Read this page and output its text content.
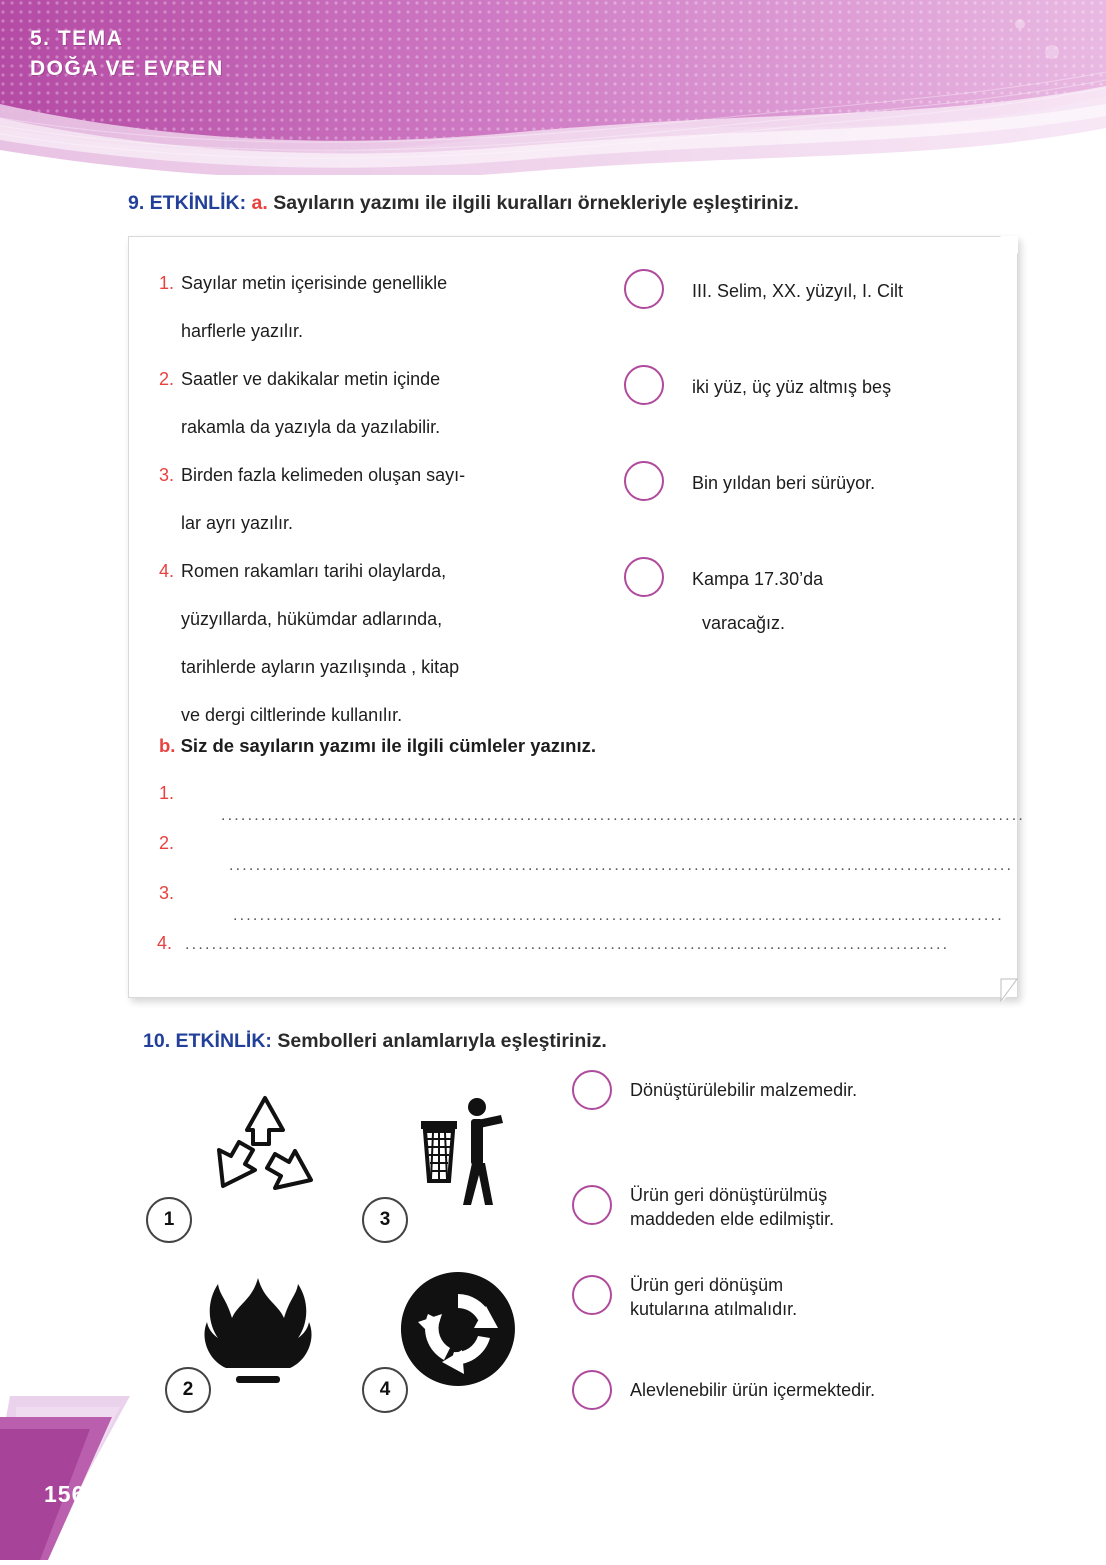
5. TEMA
DOĞA VE EVREN
9. ETKİNLİK: a. Sayıların yazımı ile ilgili kuralları örnekleriyle eşleştiriniz.
1. Sayılar metin içerisinde genellikle
harflerle yazılır.
2. Saatler ve dakikalar metin içinde
rakamla da yazıyla da yazılabilir.
3. Birden fazla kelimeden oluşan sayı-
lar ayrı yazılır.
4. Romen rakamları tarihi olaylarda,
yüzyıllarda, hükümdar adlarında,
tarihlerde ayların yazılışında , kitap
ve dergi ciltlerinde kullanılır.
III. Selim, XX. yüzyıl, I. Cilt
iki yüz, üç yüz altmış beş
Bin yıldan beri sürüyor.
Kampa 17.30’da
varacağız.
b. Siz de sayıların yazımı ile ilgili cümleler yazınız.
1. .........................................................................................................................
2. ......................................................................................................................
3. ....................................................................................................................
4. ...................................................................................................................
10. ETKİNLİK: Sembolleri anlamlarıyla eşleştiriniz.
1	3
2	4
Dönüştürülebilir malzemedir.
Ürün geri dönüştürülmüş
maddeden elde edilmiştir.
Ürün geri dönüşüm
kutularına atılmalıdır.
Alevlenebilir ürün içermektedir.
156
